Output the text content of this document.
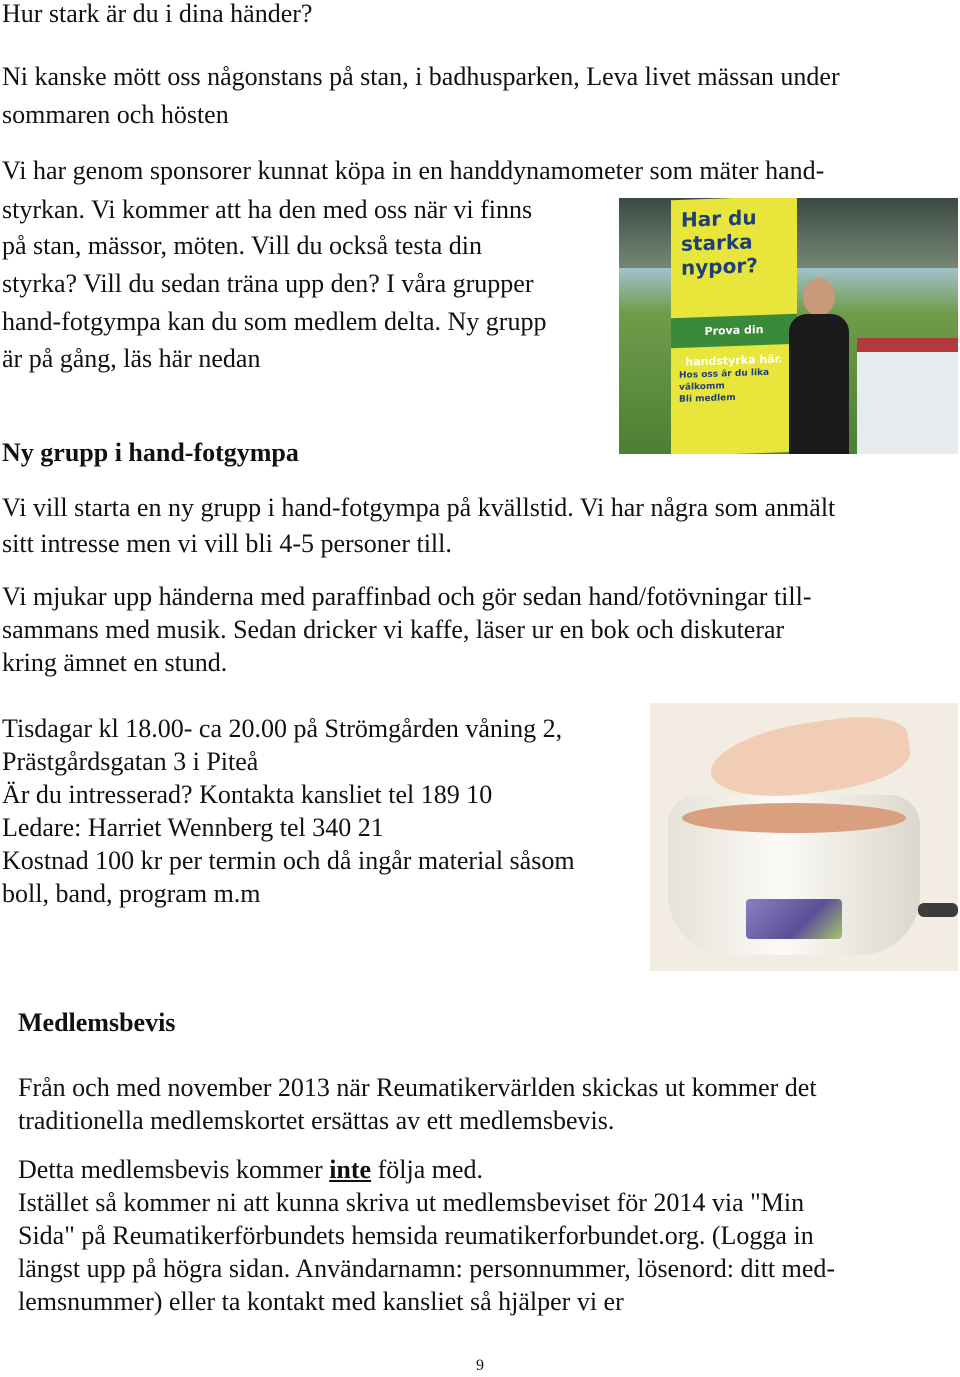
Hur stark är du i dina händer?

Ni kanske mött oss någonstans på stan, i badhusparken, Leva livet mässan under

sommaren och hösten

Vi har genom sponsorer kunnat köpa in en handdynamometer som mäter hand-

styrkan. Vi kommer att ha den med oss när vi finns

på stan, mässor, möten. Vill du också testa din

styrka? Vill du sedan träna upp den? I våra grupper

hand-fotgympa kan du som medlem delta. Ny grupp

är på gång, läs här nedan

Har du
starka
nypor?
Prova din handstyrka här.
Hos oss är du lika välkomm
Bli medlem

Ny grupp i hand-fotgympa

Vi vill starta en ny grupp i hand-fotgympa på kvällstid. Vi har några som anmält

sitt intresse men vi vill bli 4-5 personer till.

Vi mjukar upp händerna med paraffinbad och gör sedan hand/fotövningar till-

sammans med musik. Sedan dricker vi kaffe, läser ur en bok och diskuterar

kring ämnet en stund.

Tisdagar kl 18.00- ca 20.00 på Strömgården våning 2,

Prästgårdsgatan 3 i Piteå

Är du intresserad? Kontakta kansliet tel 189 10

Ledare: Harriet Wennberg tel 340 21

Kostnad 100 kr per termin och då ingår material såsom

boll, band, program m.m

Medlemsbevis

Från och med november 2013 när Reumatikervärlden skickas ut kommer det

traditionella medlemskortet ersättas av ett medlemsbevis.

Detta medlemsbevis kommer inte följa med.

Istället så kommer ni att kunna skriva ut medlemsbeviset för 2014 via "Min

Sida" på Reumatikerförbundets hemsida reumatikerforbundet.org. (Logga in

längst upp på högra sidan. Användarnamn: personnummer, lösenord: ditt med-

lemsnummer) eller ta kontakt med kansliet så hjälper vi er

9
